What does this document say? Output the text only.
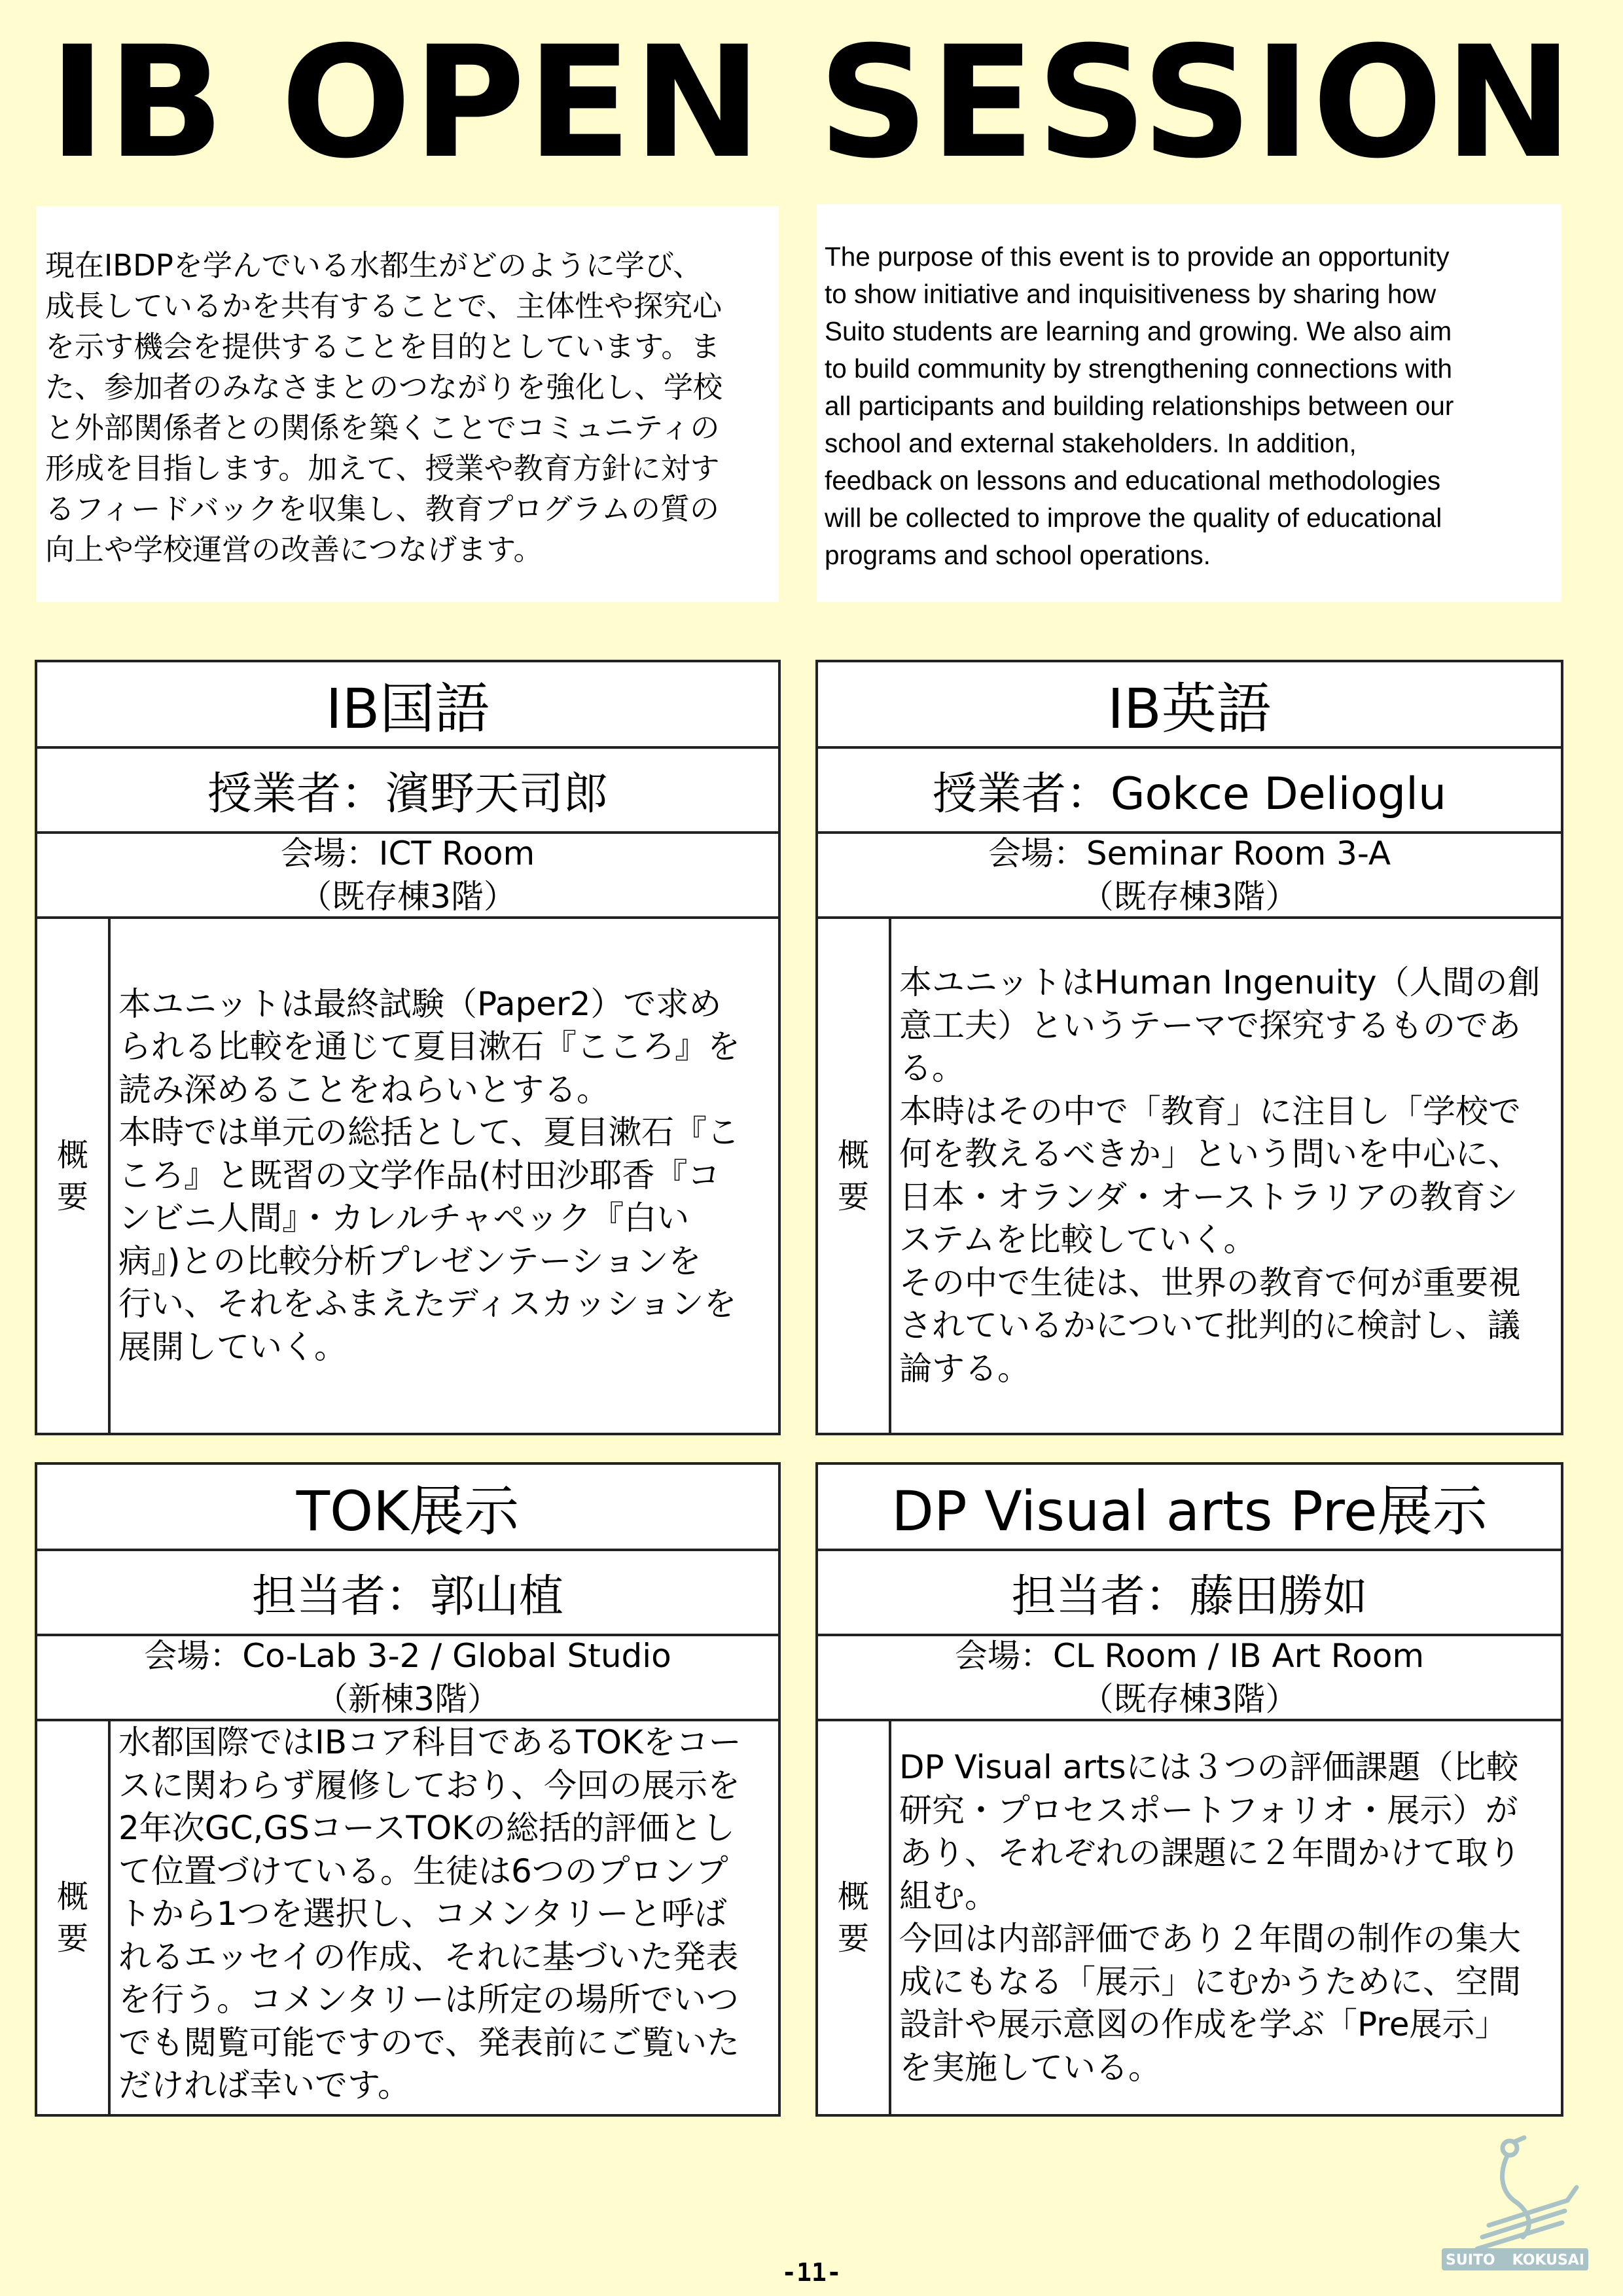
IB OPEN SESSION
現在IBDPを学んでいる水都生がどのように学び、
成長しているかを共有することで、主体性や探究心
を示す機会を提供することを目的としています。ま
た、参加者のみなさまとのつながりを強化し、学校
と外部関係者との関係を築くことでコミュニティの
形成を目指します。加えて、授業や教育方針に対す
るフィードバックを収集し、教育プログラムの質の
向上や学校運営の改善につなげます。
The purpose of this event is to provide an opportunity
to show initiative and inquisitiveness by sharing how
Suito students are learning and growing. We also aim
to build community by strengthening connections with
all participants and building relationships between our
school and external stakeholders. In addition,
feedback on lessons and educational methodologies
will be collected to improve the quality of educational
programs and school operations.
IB国語
授業者：濱野天司郎
会場：ICT Room
（既存棟3階）
概
要
本ユニットは最終試験（Paper2）で求め
られる比較を通じて夏目漱石『こころ』を
読み深めることをねらいとする。
本時では単元の総括として、夏目漱石『こ
ころ』と既習の文学作品(村田沙耶香『コ
ンビニ人間』・カレルチャペック『白い
病』)との比較分析プレゼンテーションを
行い、それをふまえたディスカッションを
展開していく。
IB英語
授業者：Gokce Delioglu
会場：Seminar Room 3-A
（既存棟3階）
概
要
本ユニットはHuman Ingenuity（人間の創
意工夫）というテーマで探究するものであ
る。
本時はその中で「教育」に注目し「学校で
何を教えるべきか」という問いを中心に、
日本・オランダ・オーストラリアの教育シ
ステムを比較していく。
その中で生徒は、世界の教育で何が重要視
されているかについて批判的に検討し、議
論する。
TOK展示
担当者：郭山植
会場：Co-Lab 3-2 / Global Studio
（新棟3階）
概
要
水都国際ではIBコア科目であるTOKをコー
スに関わらず履修しており、今回の展示を
2年次GC,GSコースTOKの総括的評価とし
て位置づけている。生徒は6つのプロンプ
トから1つを選択し、コメンタリーと呼ば
れるエッセイの作成、それに基づいた発表
を行う。コメンタリーは所定の場所でいつ
でも閲覧可能ですので、発表前にご覧いた
だければ幸いです。
DP Visual arts Pre展示
担当者：藤田勝如
会場：CL Room / IB Art Room
（既存棟3階）
概
要
DP Visual artsには３つの評価課題（比較
研究・プロセスポートフォリオ・展示）が
あり、それぞれの課題に２年間かけて取り
組む。
今回は内部評価であり２年間の制作の集大
成にもなる「展示」にむかうために、空間
設計や展示意図の作成を学ぶ「Pre展示」
を実施している。
SUITO KOKUSAI
-11-
